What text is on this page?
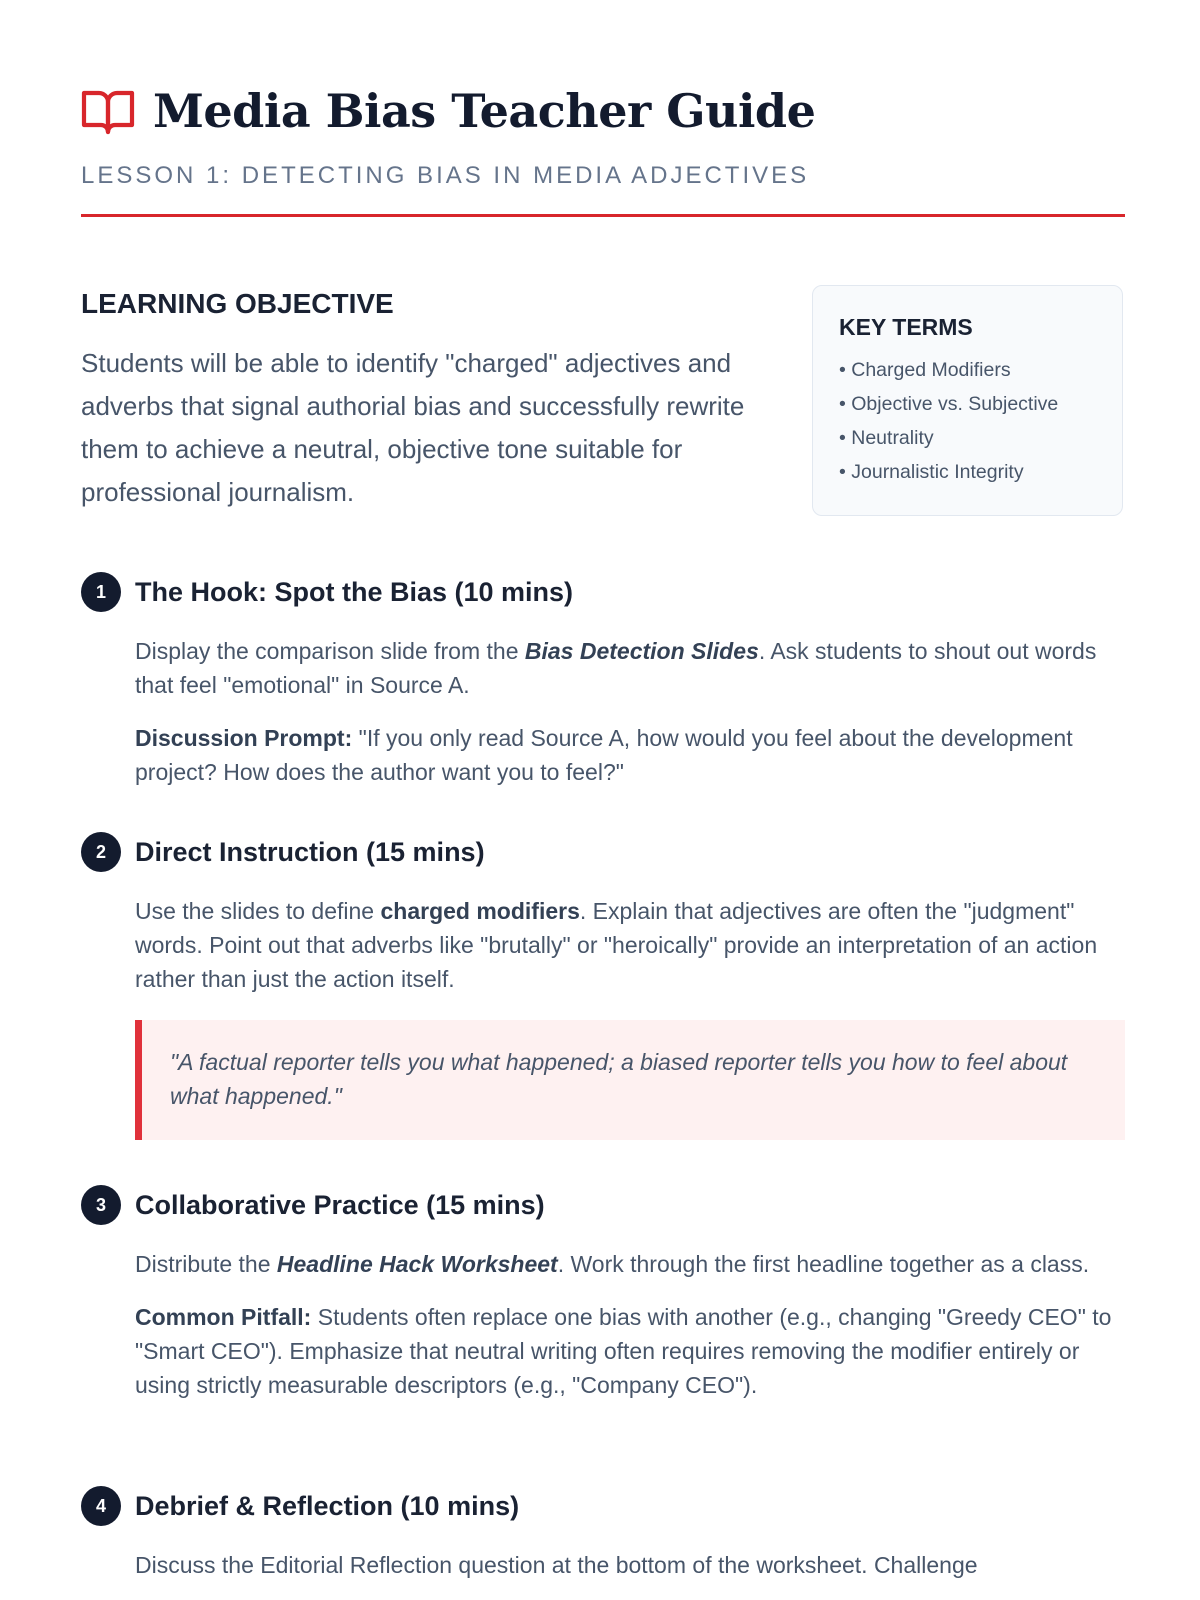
Media Bias Teacher Guide
LESSON 1: DETECTING BIAS IN MEDIA ADJECTIVES
LEARNING OBJECTIVE
Students will be able to identify "charged" adjectives and adverbs that signal authorial bias and successfully rewrite them to achieve a neutral, objective tone suitable for professional journalism.
KEY TERMS
• Charged Modifiers
• Objective vs. Subjective
• Neutrality
• Journalistic Integrity
1	The Hook: Spot the Bias (10 mins)

Display the comparison slide from the Bias Detection Slides. Ask students to shout out words that feel "emotional" in Source A.

Discussion Prompt: "If you only read Source A, how would you feel about the development project? How does the author want you to feel?"

2	Direct Instruction (15 mins)

Use the slides to define charged modifiers. Explain that adjectives are often the "judgment" words. Point out that adverbs like "brutally" or "heroically" provide an interpretation of an action rather than just the action itself.

"A factual reporter tells you what happened; a biased reporter tells you how to feel about what happened."

3	Collaborative Practice (15 mins)

Distribute the Headline Hack Worksheet. Work through the first headline together as a class.

Common Pitfall: Students often replace one bias with another (e.g., changing "Greedy CEO" to "Smart CEO"). Emphasize that neutral writing often requires removing the modifier entirely or using strictly measurable descriptors (e.g., "Company CEO").

4	Debrief & Reflection (10 mins)

Discuss the Editorial Reflection question at the bottom of the worksheet. Challenge
